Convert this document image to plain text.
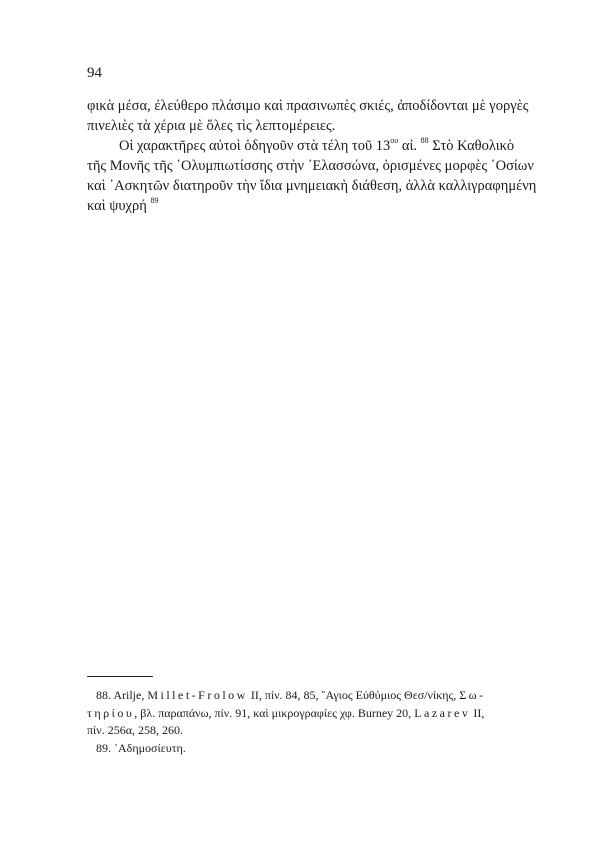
94

φικὰ μέσα, ἐλεύθερο πλάσιμο καὶ πρασινωπὲς σκιές, ἀποδίδονται μὲ γοργὲς
πινελιὲς τὰ χέρια μὲ ὅλες τὶς λεπτομέρειες.

Οἱ χαρακτῆρες αὐτοὶ ὁδηγοῦν στὰ τέλη τοῦ $13^{o\upsilon}$ αἰ. $^{88}$ Στὸ Καθολικὸ
τῆς Μονῆς τῆς ῾Ολυμπιωτίσσης στὴν ᾿Ελασσώνα, ὁρισμένες μορφὲς ῾Οσίων
καὶ ᾿Ασκητῶν διατηροῦν τὴν ἴδια μνημειακὴ διάθεση, ἀλλὰ καλλιγραφημένη
καὶ ψυχρή $^{89}$

88. Arilje, Millet-Frolow II, πίν. 84, 85, ῞Αγιος Εὐθύμιος Θεσ/νίκης, Σω-
τηρίου, βλ. παραπάνω, πίν. 91, καὶ μικρογραφίες χφ. Burney 20, Lazarev II,
πίν. 256α, 258, 260.

89. ᾿Αδημοσίευτη.
